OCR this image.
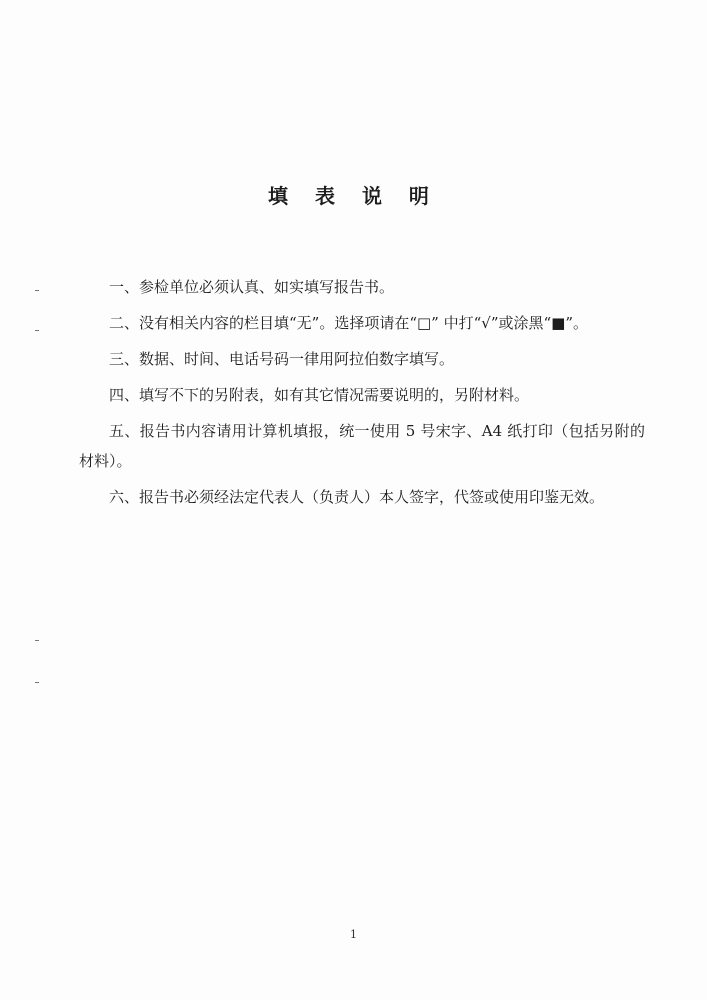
填 表 说 明

一、参检单位必须认真、如实填写报告书。

二、没有相关内容的栏目填“无”。选择项请在“□” 中打“√”或涂黑“■”。

三、数据、时间、电话号码一律用阿拉伯数字填写。

四、填写不下的另附表，如有其它情况需要说明的，另附材料。

五、报告书内容请用计算机填报，统一使用 5 号宋字、A4 纸打印（包括另附的材料）。

六、报告书必须经法定代表人（负责人）本人签字，代签或使用印鉴无效。

1
